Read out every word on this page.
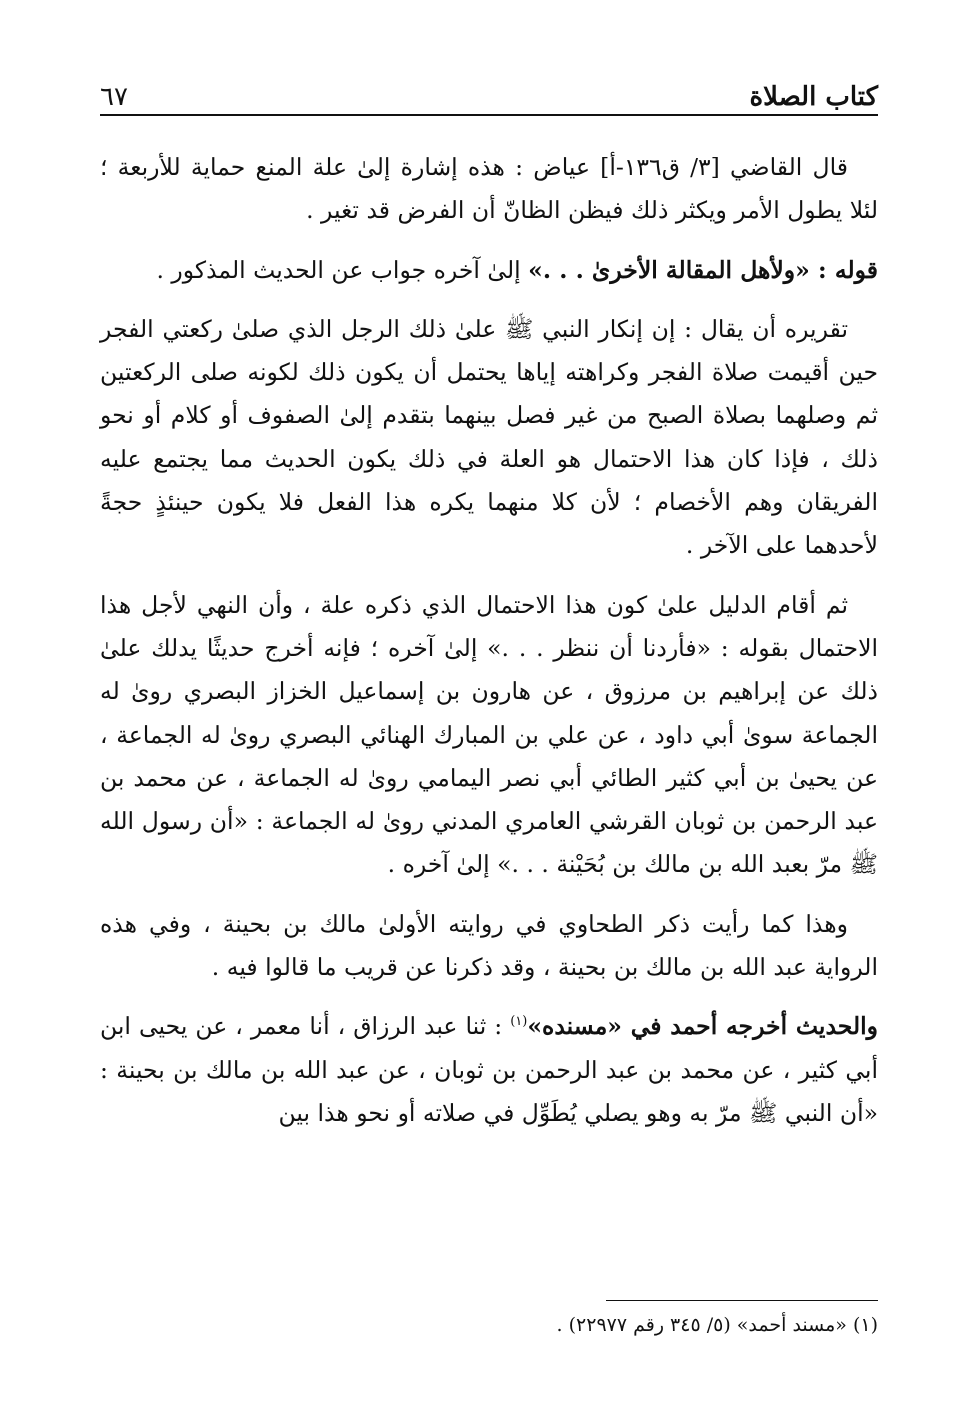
كتاب الصلاة
٦٧

قال القاضي [٣/ ق١٣٦-أ] عياض : هذه إشارة إلىٰ علة المنع حماية للأربعة ؛ لئلا يطول الأمر ويكثر ذلك فيظن الظانّ أن الفرض قد تغير .

قوله : «ولأهل المقالة الأخرىٰ . . .» إلىٰ آخره جواب عن الحديث المذكور .

تقريره أن يقال : إن إنكار النبي ﷺ علىٰ ذلك الرجل الذي صلىٰ ركعتي الفجر حين أقيمت صلاة الفجر وكراهته إياها يحتمل أن يكون ذلك لكونه صلى الركعتين ثم وصلهما بصلاة الصبح من غير فصل بينهما بتقدم إلىٰ الصفوف أو كلام أو نحو ذلك ، فإذا كان هذا الاحتمال هو العلة في ذلك يكون الحديث مما يجتمع عليه الفريقان وهم الأخصام ؛ لأن كلا منهما يكره هذا الفعل فلا يكون حينئذٍ حجةً لأحدهما على الآخر .

ثم أقام الدليل علىٰ كون هذا الاحتمال الذي ذكره علة ، وأن النهي لأجل هذا الاحتمال بقوله : «فأردنا أن ننظر . . .» إلىٰ آخره ؛ فإنه أخرج حديثًا يدلك علىٰ ذلك عن إبراهيم بن مرزوق ، عن هارون بن إسماعيل الخزاز البصري روىٰ له الجماعة سوىٰ أبي داود ، عن علي بن المبارك الهنائي البصري روىٰ له الجماعة ، عن يحيىٰ بن أبي كثير الطائي أبي نصر اليمامي روىٰ له الجماعة ، عن محمد بن عبد الرحمن بن ثوبان القرشي العامري المدني روىٰ له الجماعة : «أن رسول الله ﷺ مرّ بعبد الله بن مالك بن بُحَيْنة . . .» إلىٰ آخره .

وهذا كما رأيت ذكر الطحاوي في روايته الأولىٰ مالك بن بحينة ، وفي هذه الرواية عبد الله بن مالك بن بحينة ، وقد ذكرنا عن قريب ما قالوا فيه .

والحديث أخرجه أحمد في «مسنده»$^{(١)}$ : ثنا عبد الرزاق ، أنا معمر ، عن يحيى ابن أبي كثير ، عن محمد بن عبد الرحمن بن ثوبان ، عن عبد الله بن مالك بن بحينة : «أن النبي ﷺ مرّ به وهو يصلي يُطَوِّل في صلاته أو نحو هذا بين

(١) «مسند أحمد» (٥/ ٣٤٥ رقم ٢٢٩٧٧) .
